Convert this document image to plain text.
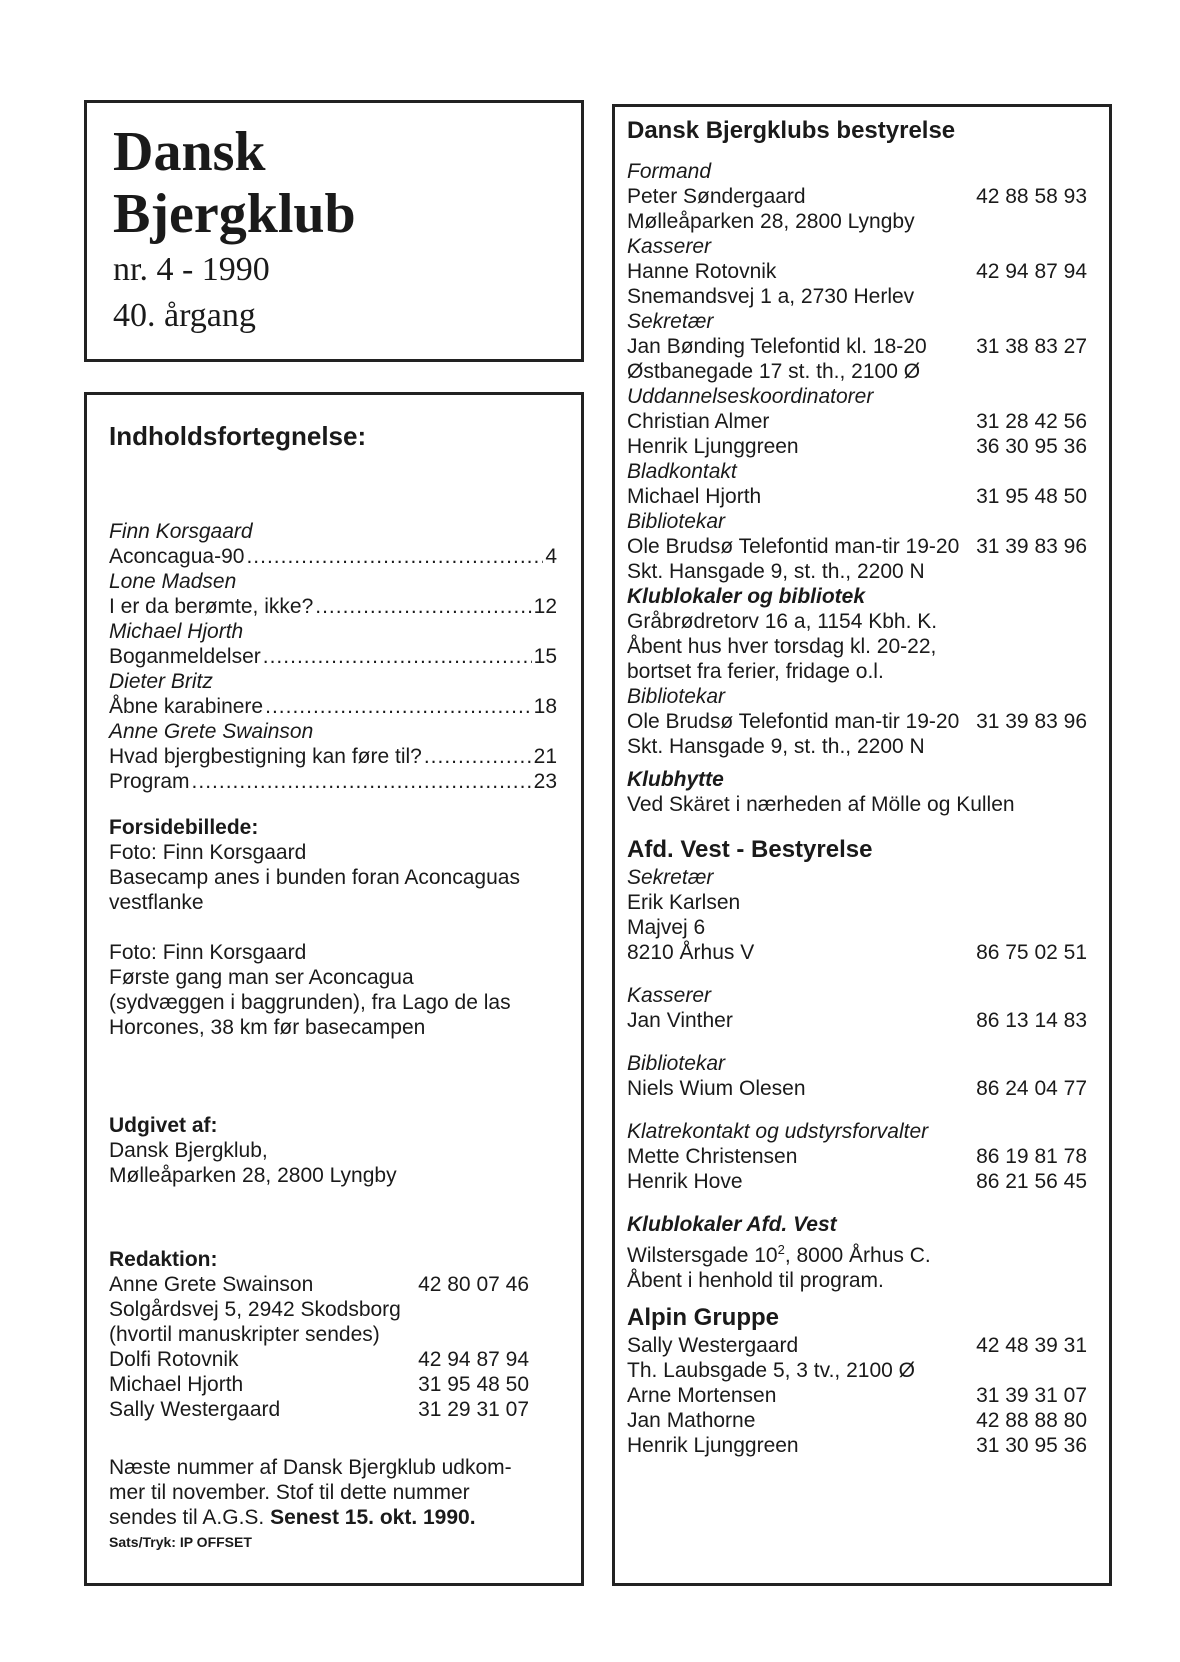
Dansk
Bjergklub
nr. 4 - 1990
40. årgang
Indholdsfortegnelse:
Finn Korsgaard
Aconcagua-90 .....	4
Lone Madsen
I er da berømte, ikke? .....	12
Michael Hjorth
Boganmeldelser .....	15
Dieter Britz
Åbne karabinere .....	18
Anne Grete Swainson
Hvad bjergbestigning kan føre til? .....	21
Program .....	23
Forsidebillede:
Foto: Finn Korsgaard
Basecamp anes i bunden foran Aconcaguas
vestflanke
Foto: Finn Korsgaard
Første gang man ser Aconcagua
(sydvæggen i baggrunden), fra Lago de las
Horcones, 38 km før basecampen
Udgivet af:
Dansk Bjergklub,
Mølleåparken 28, 2800 Lyngby
Redaktion:
Anne Grete Swainson	42 80 07 46
Solgårdsvej 5, 2942 Skodsborg
(hvortil manuskripter sendes)
Dolfi Rotovnik	42 94 87 94
Michael Hjorth	31 95 48 50
Sally Westergaard	31 29 31 07
Næste nummer af Dansk Bjergklub udkom-
mer til november. Stof til dette nummer
sendes til A.G.S. Senest 15. okt. 1990.
Sats/Tryk: IP OFFSET
Dansk Bjergklubs bestyrelse
Formand
Peter Søndergaard	42 88 58 93
Mølleåparken 28, 2800 Lyngby
Kasserer
Hanne Rotovnik	42 94 87 94
Snemandsvej 1 a, 2730 Herlev
Sekretær
Jan Bønding Telefontid kl. 18-20 31 38 83 27
Østbanegade 17 st. th., 2100 Ø
Uddannelseskoordinatorer
Christian Almer	31 28 42 56
Henrik Ljunggreen	36 30 95 36
Bladkontakt
Michael Hjorth	31 95 48 50
Bibliotekar
Ole Brudsø Telefontid man-tir 19-20 31 39 83 96
Skt. Hansgade 9, st. th., 2200 N
Klublokaler og bibliotek
Gråbrødretorv 16 a, 1154 Kbh. K.
Åbent hus hver torsdag kl. 20-22,
bortset fra ferier, fridage o.l.
Bibliotekar
Ole Brudsø Telefontid man-tir 19-20 31 39 83 96
Skt. Hansgade 9, st. th., 2200 N
Klubhytte
Ved Skäret i nærheden af Mölle og Kullen
Afd. Vest - Bestyrelse
Sekretær
Erik Karlsen
Majvej 6
8210 Århus V	86 75 02 51
Kasserer
Jan Vinther	86 13 14 83
Bibliotekar
Niels Wium Olesen	86 24 04 77
Klatrekontakt og udstyrsforvalter
Mette Christensen	86 19 81 78
Henrik Hove	86 21 56 45
Klublokaler Afd. Vest
Wilstersgade $10^2$, 8000 Århus C.
Åbent i henhold til program.
Alpin Gruppe
Sally Westergaard	42 48 39 31
Th. Laubsgade 5, 3 tv., 2100 Ø
Arne Mortensen	31 39 31 07
Jan Mathorne	42 88 88 80
Henrik Ljunggreen	31 30 95 36
